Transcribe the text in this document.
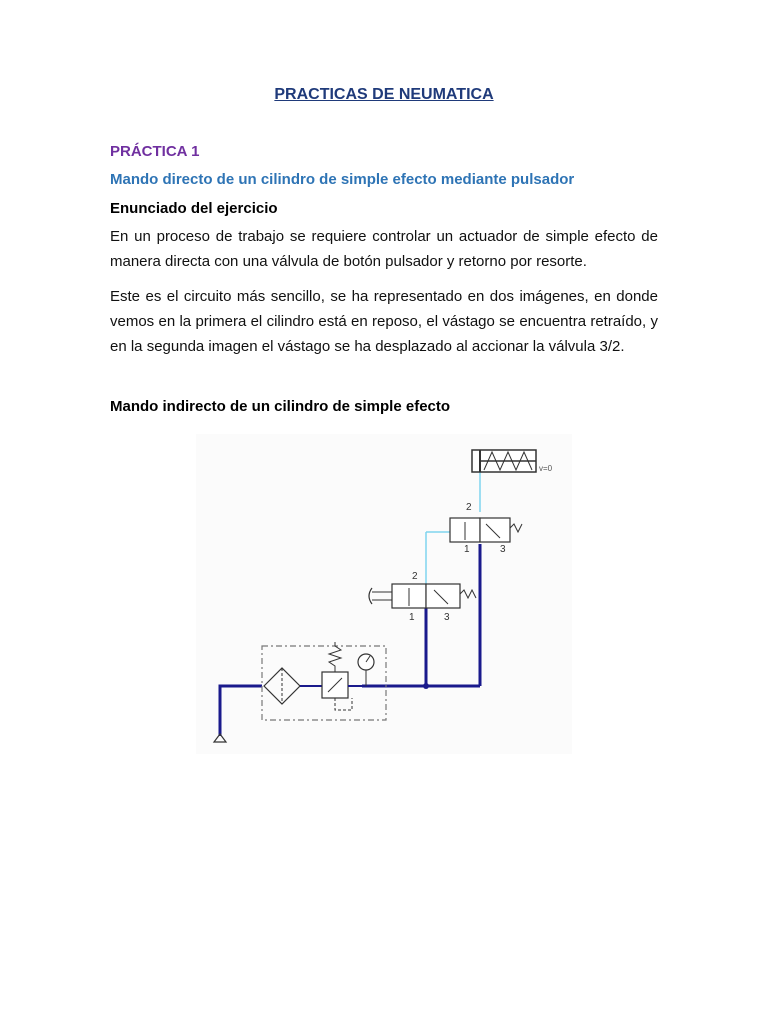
PRACTICAS DE NEUMATICA
PRÁCTICA 1
Mando directo de un cilindro de simple efecto mediante pulsador
Enunciado del ejercicio
En un proceso de trabajo se requiere controlar un actuador de simple efecto de manera directa con una válvula de botón pulsador y retorno por resorte.
Este es el circuito más sencillo, se ha representado en dos imágenes, en donde vemos en la primera el cilindro está en reposo, el vástago se encuentra retraído, y en la segunda imagen el vástago se ha desplazado al accionar la válvula 3/2.
Mando indirecto de un cilindro de simple efecto
2
1	3
2
1	3
v=0
